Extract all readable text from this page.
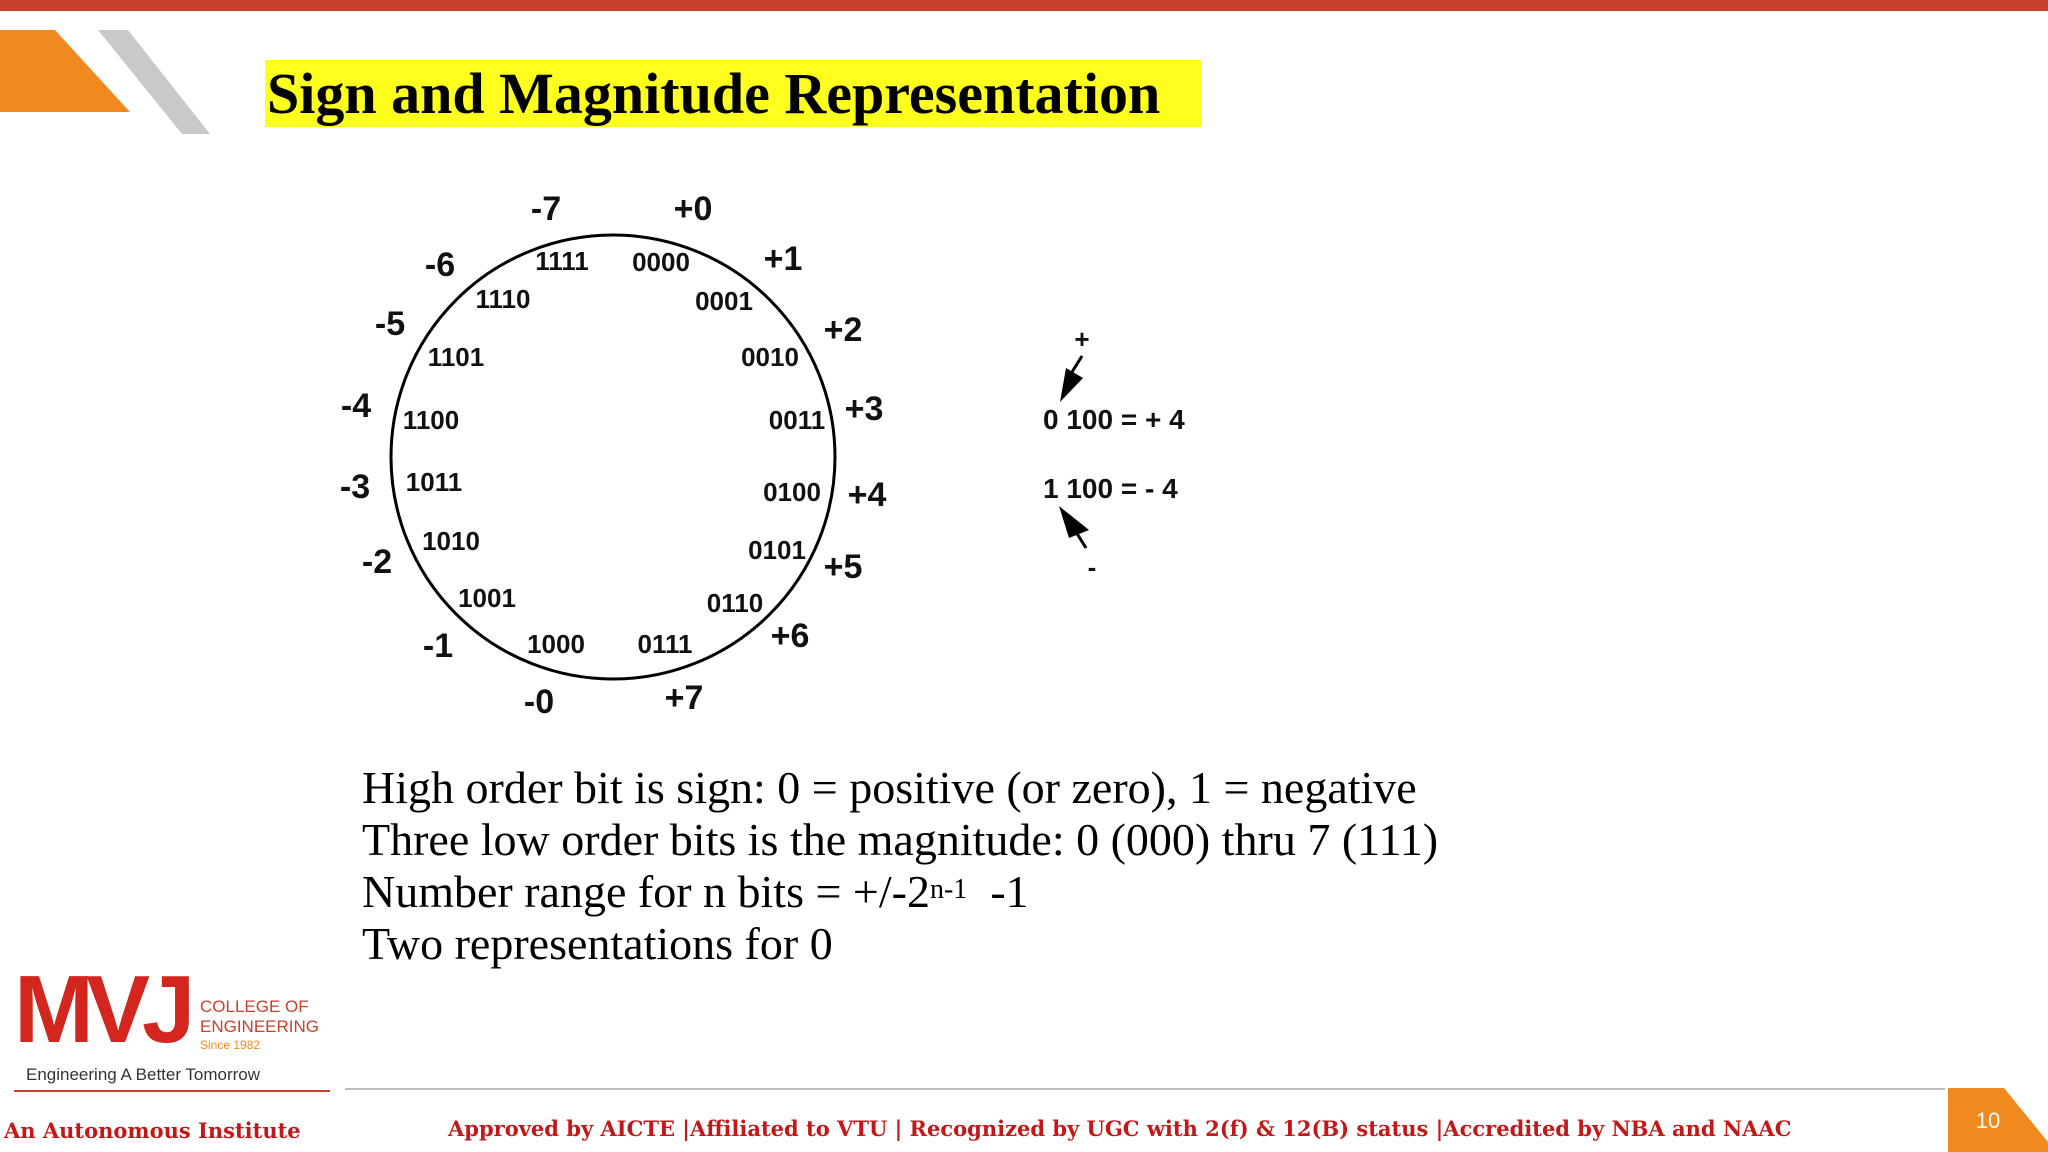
Sign and Magnitude Representation
+0
+1
+2
+3
+4
+5
+6
+7
-0
-1
-2
-3
-4
-5
-6
-7
0000
0001
0010
0011
0100
0101
0110
0111
1000
1001
1010
1011
1100
1101
1110
1111
+
0 100 = + 4
1 100 = - 4
-
High order bit is sign: 0 = positive (or zero), 1 = negative
Three low order bits is the magnitude: 0 (000) thru 7 (111)
Number range for n bits = $+/-2^{n-1}$  -1
Two representations for 0
MVJ COLLEGE OF
ENGINEERING
Since 1982
Engineering A Better Tomorrow
An Autonomous Institute	Approved by AICTE |Affiliated to VTU | Recognized by UGC with 2(f) & 12(B) status |Accredited by NBA and NAAC	10
